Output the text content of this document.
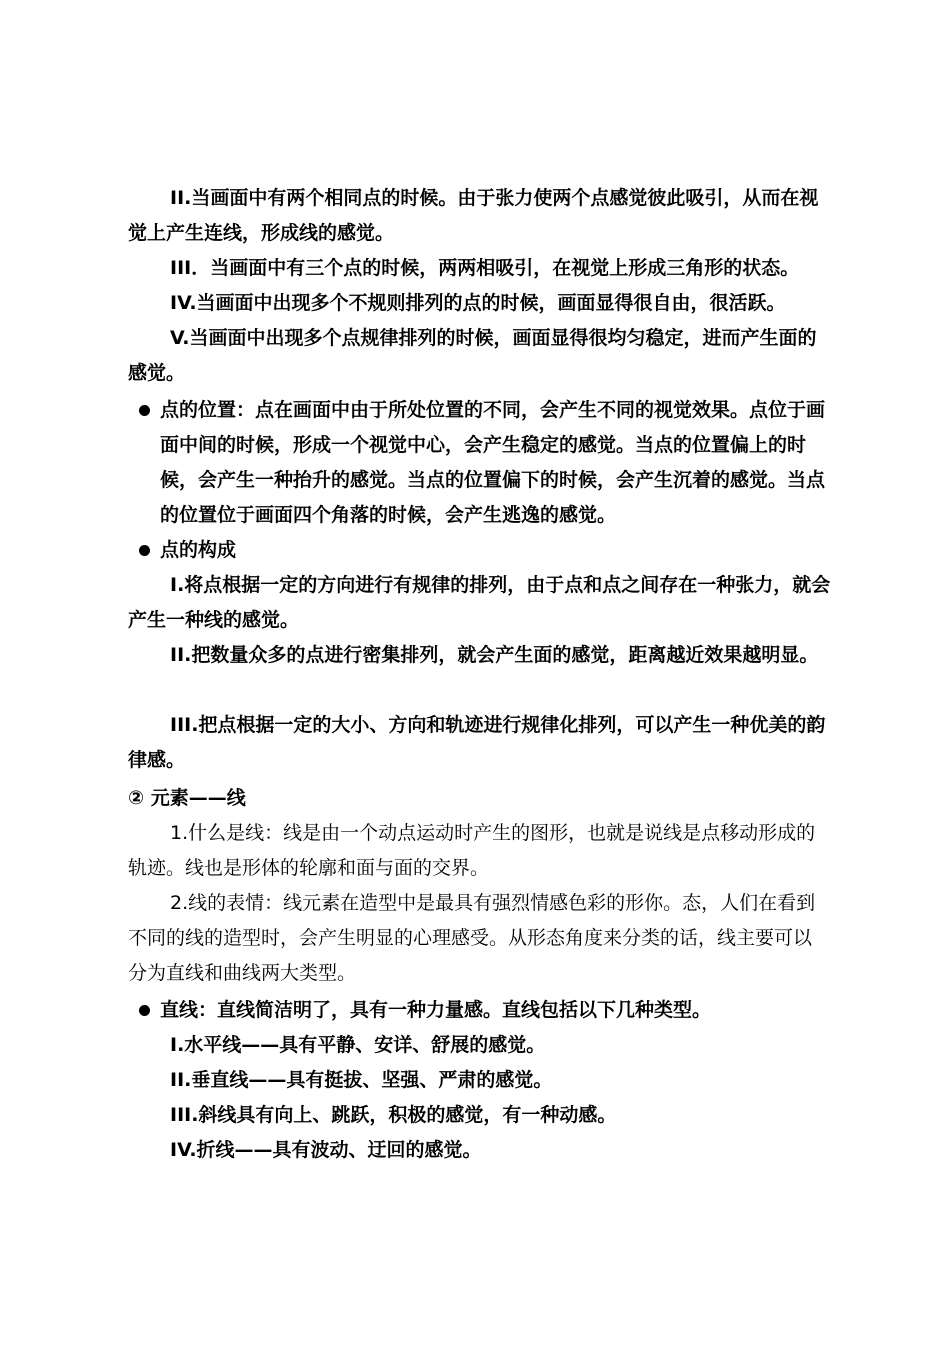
II.当画面中有两个相同点的时候。由于张力使两个点感觉彼此吸引，从而在视觉上产生连线，形成线的感觉。

III．当画面中有三个点的时候，两两相吸引，在视觉上形成三角形的状态。

IV.当画面中出现多个不规则排列的点的时候，画面显得很自由，很活跃。

V.当画面中出现多个点规律排列的时候，画面显得很均匀稳定，进而产生面的感觉。

点的位置：点在画面中由于所处位置的不同，会产生不同的视觉效果。点位于画面中间的时候，形成一个视觉中心，会产生稳定的感觉。当点的位置偏上的时候，会产生一种抬升的感觉。当点的位置偏下的时候，会产生沉着的感觉。当点的位置位于画面四个角落的时候，会产生逃逸的感觉。

点的构成

I.将点根据一定的方向进行有规律的排列，由于点和点之间存在一种张力，就会产生一种线的感觉。

II.把数量众多的点进行密集排列，就会产生面的感觉，距离越近效果越明显。

III.把点根据一定的大小、方向和轨迹进行规律化排列，可以产生一种优美的韵律感。

② 元素——线

1.什么是线：线是由一个动点运动时产生的图形，也就是说线是点移动形成的轨迹。线也是形体的轮廓和面与面的交界。

2.线的表情：线元素在造型中是最具有强烈情感色彩的形你。态，人们在看到不同的线的造型时，会产生明显的心理感受。从形态角度来分类的话，线主要可以分为直线和曲线两大类型。

直线：直线简洁明了，具有一种力量感。直线包括以下几种类型。

I.水平线——具有平静、安详、舒展的感觉。

II.垂直线——具有挺拔、坚强、严肃的感觉。

III.斜线具有向上、跳跃，积极的感觉，有一种动感。

IV.折线——具有波动、迂回的感觉。
